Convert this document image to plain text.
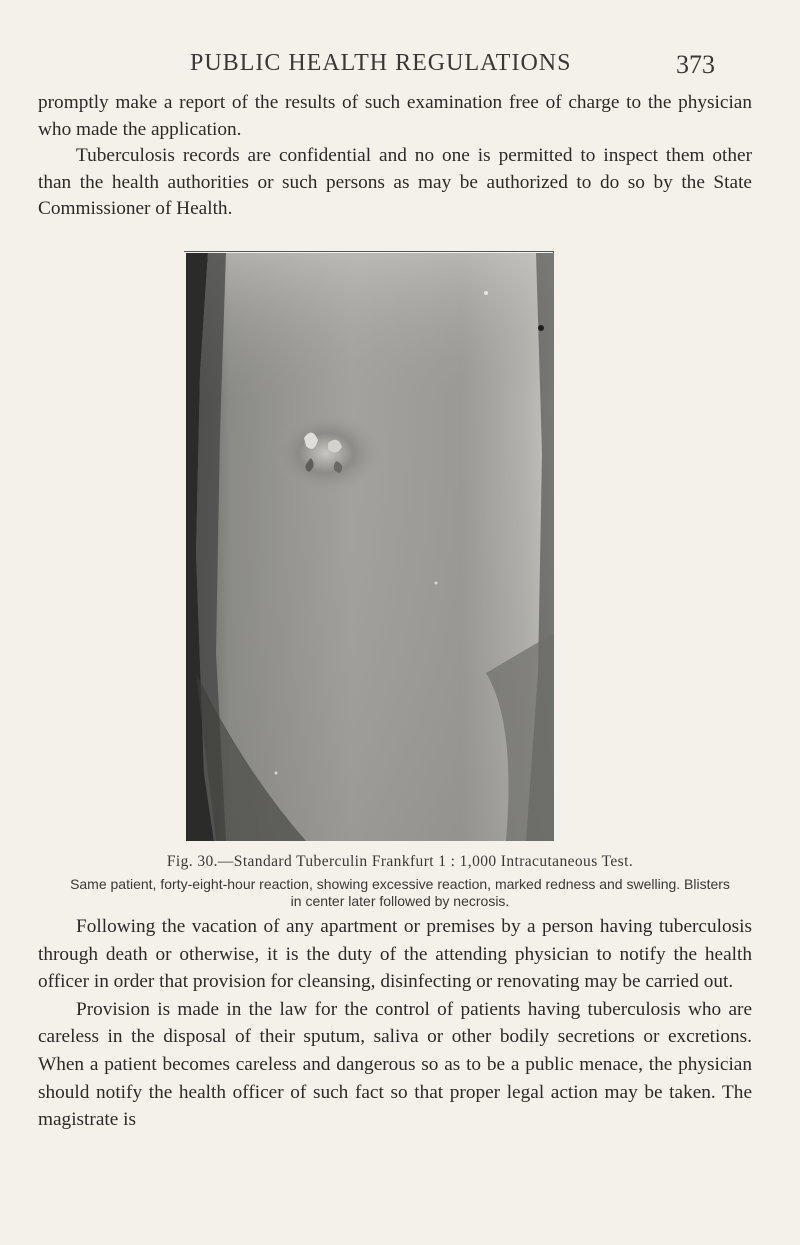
PUBLIC HEALTH REGULATIONS	373

promptly make a report of the results of such examination free of charge to the physician who made the application.

Tuberculosis records are confidential and no one is permitted to inspect them other than the health authorities or such persons as may be authorized to do so by the State Commissioner of Health.

Fig. 30.—Standard Tuberculin Frankfurt 1 : 1,000 Intracutaneous Test.
Same patient, forty-eight-hour reaction, showing excessive reaction, marked redness and swelling. Blisters in center later followed by necrosis.

Following the vacation of any apartment or premises by a person having tuberculosis through death or otherwise, it is the duty of the attending physician to notify the health officer in order that provision for cleansing, disinfecting or renovating may be carried out.

Provision is made in the law for the control of patients having tuberculosis who are careless in the disposal of their sputum, saliva or other bodily secretions or excretions. When a patient becomes careless and dangerous so as to be a public menace, the physician should notify the health officer of such fact so that proper legal action may be taken. The magistrate is
